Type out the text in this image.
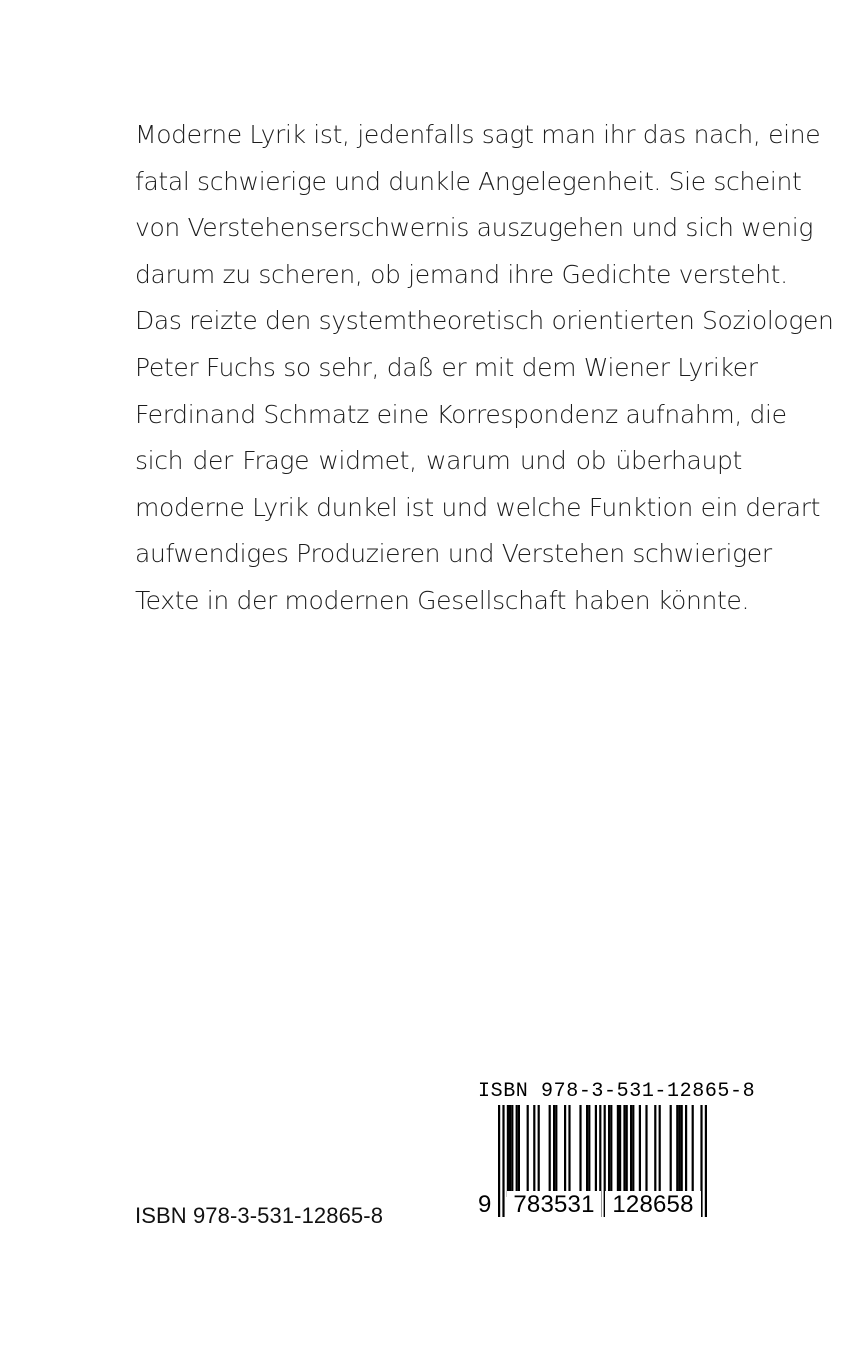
Moderne Lyrik ist, jedenfalls sagt man ihr das nach, eine
fatal schwierige und dunkle Angelegenheit. Sie scheint
von Verstehenserschwernis auszugehen und sich wenig
darum zu scheren, ob jemand ihre Gedichte versteht.
Das reizte den systemtheoretisch orientierten Soziologen
Peter Fuchs so sehr, daß er mit dem Wiener Lyriker
Ferdinand Schmatz eine Korrespondenz aufnahm, die
sich der Frage widmet, warum und ob überhaupt
moderne Lyrik dunkel ist und welche Funktion ein derart
aufwendiges Produzieren und Verstehen schwieriger
Texte in der modernen Gesellschaft haben könnte.
ISBN 978-3-531-12865-8
ISBN 978-3-531-12865-8
9 783531 128658
